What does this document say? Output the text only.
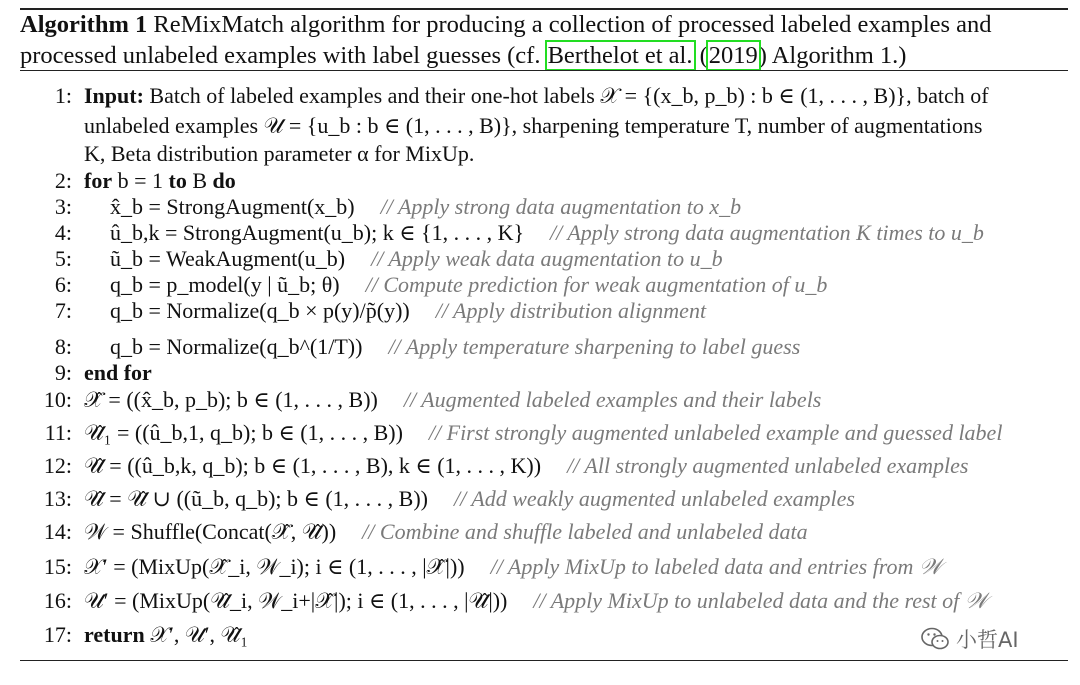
Algorithm 1 ReMixMatch algorithm for producing a collection of processed labeled examples and
processed unlabeled examples with label guesses (cf. Berthelot et al. (2019) Algorithm 1.)
1: Input: Batch of labeled examples and their one-hot labels 𝒳 = {(x_b, p_b) : b ∈ (1, . . . , B)}, batch of
unlabeled examples 𝒰 = {u_b : b ∈ (1, . . . , B)}, sharpening temperature T, number of augmentations
K, Beta distribution parameter α for MixUp.
2: for b = 1 to B do
3: x̂_b = StrongAugment(x_b) // Apply strong data augmentation to x_b
4: û_b,k = StrongAugment(u_b); k ∈ {1, . . . , K} // Apply strong data augmentation K times to u_b
5: ũ_b = WeakAugment(u_b) // Apply weak data augmentation to u_b
6: q_b = p_model(y | ũ_b; θ) // Compute prediction for weak augmentation of u_b
7: q_b = Normalize(q_b × p(y)/p̃(y)) // Apply distribution alignment
8: q_b = Normalize(q_b^(1/T)) // Apply temperature sharpening to label guess
9: end for
10: 𝒳̂ = ((x̂_b, p_b); b ∈ (1, . . . , B)) // Augmented labeled examples and their labels
11: 𝒰̂₁ = ((û_b,1, q_b); b ∈ (1, . . . , B)) // First strongly augmented unlabeled example and guessed label
12: 𝒰̂ = ((û_b,k, q_b); b ∈ (1, . . . , B), k ∈ (1, . . . , K)) // All strongly augmented unlabeled examples
13: 𝒰̂ = 𝒰̂ ∪ ((ũ_b, q_b); b ∈ (1, . . . , B)) // Add weakly augmented unlabeled examples
14: 𝒲 = Shuffle(Concat(𝒳̂, 𝒰̂)) // Combine and shuffle labeled and unlabeled data
15: 𝒳′ = (MixUp(𝒳̂_i, 𝒲_i); i ∈ (1, . . . , |𝒳̂|)) // Apply MixUp to labeled data and entries from 𝒲
16: 𝒰′ = (MixUp(𝒰̂_i, 𝒲_i+|𝒳̂|); i ∈ (1, . . . , |𝒰̂|)) // Apply MixUp to unlabeled data and the rest of 𝒲
17: return 𝒳′, 𝒰′, 𝒰̂₁	小哲AI
